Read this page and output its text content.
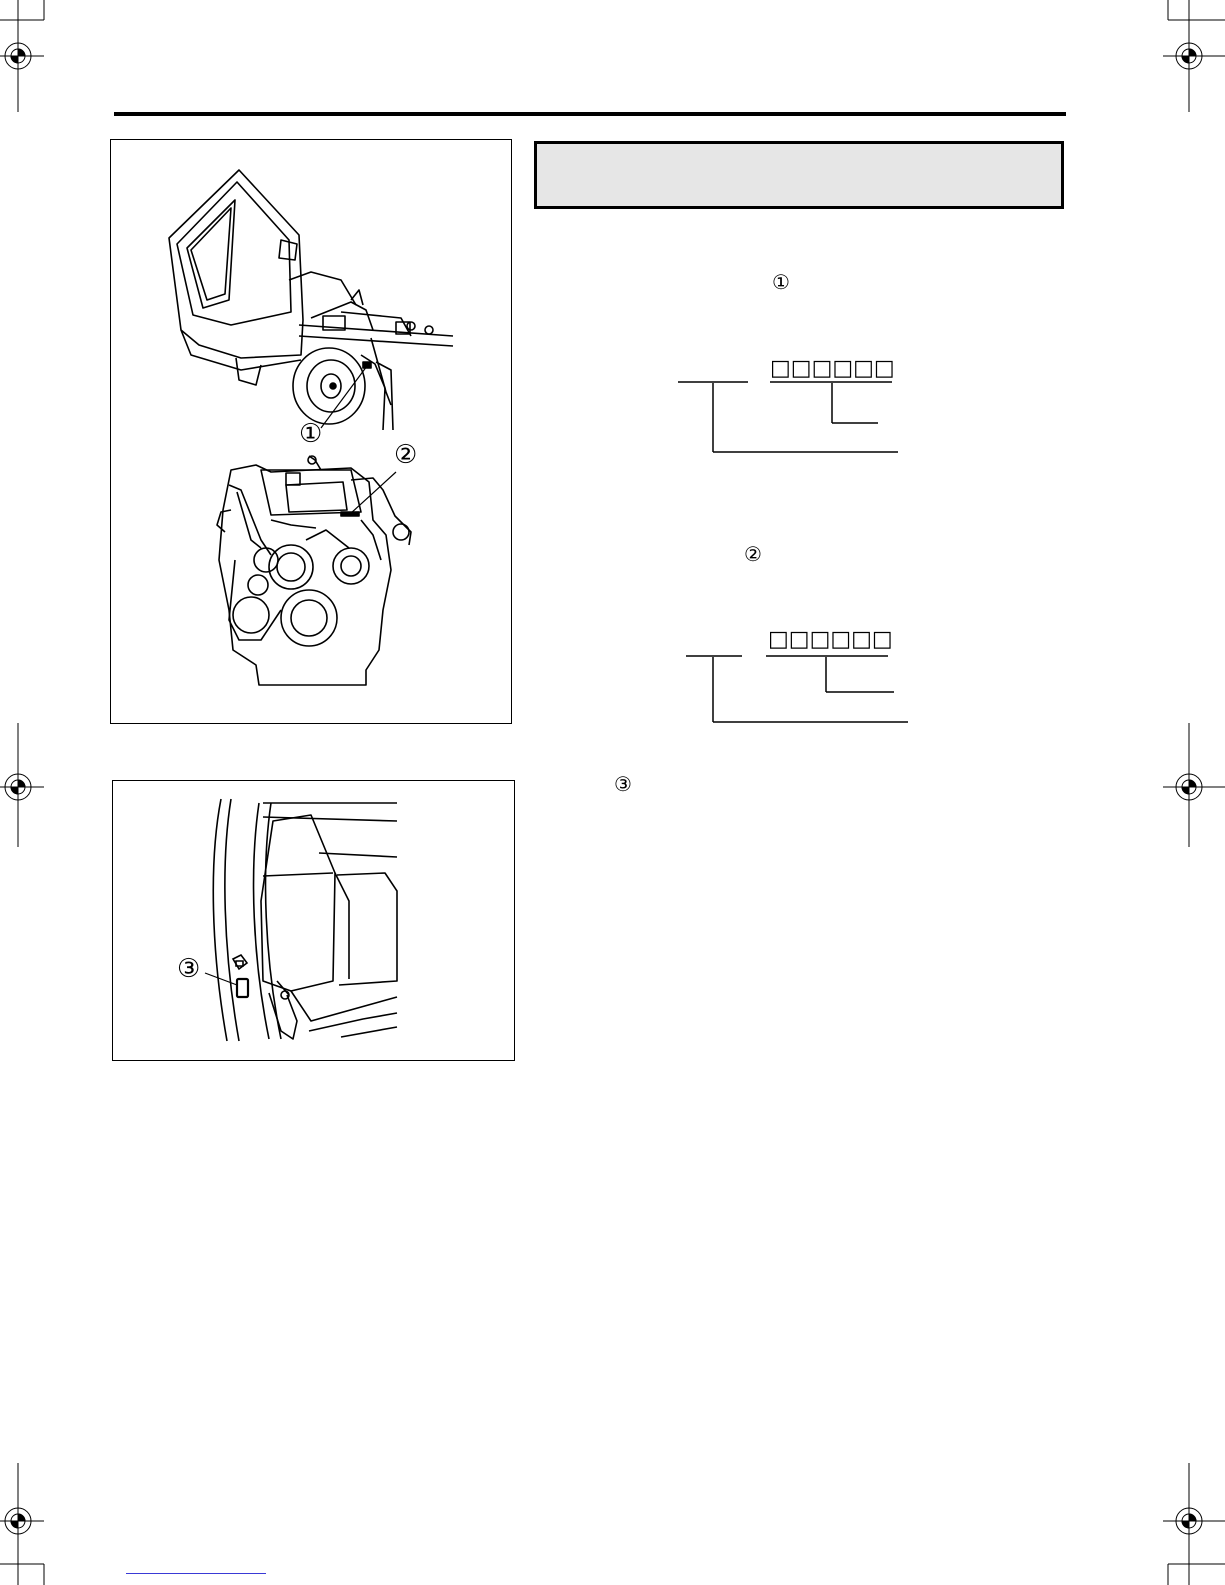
①
②
③
①
□□□□□□
②
□□□□□□
③
